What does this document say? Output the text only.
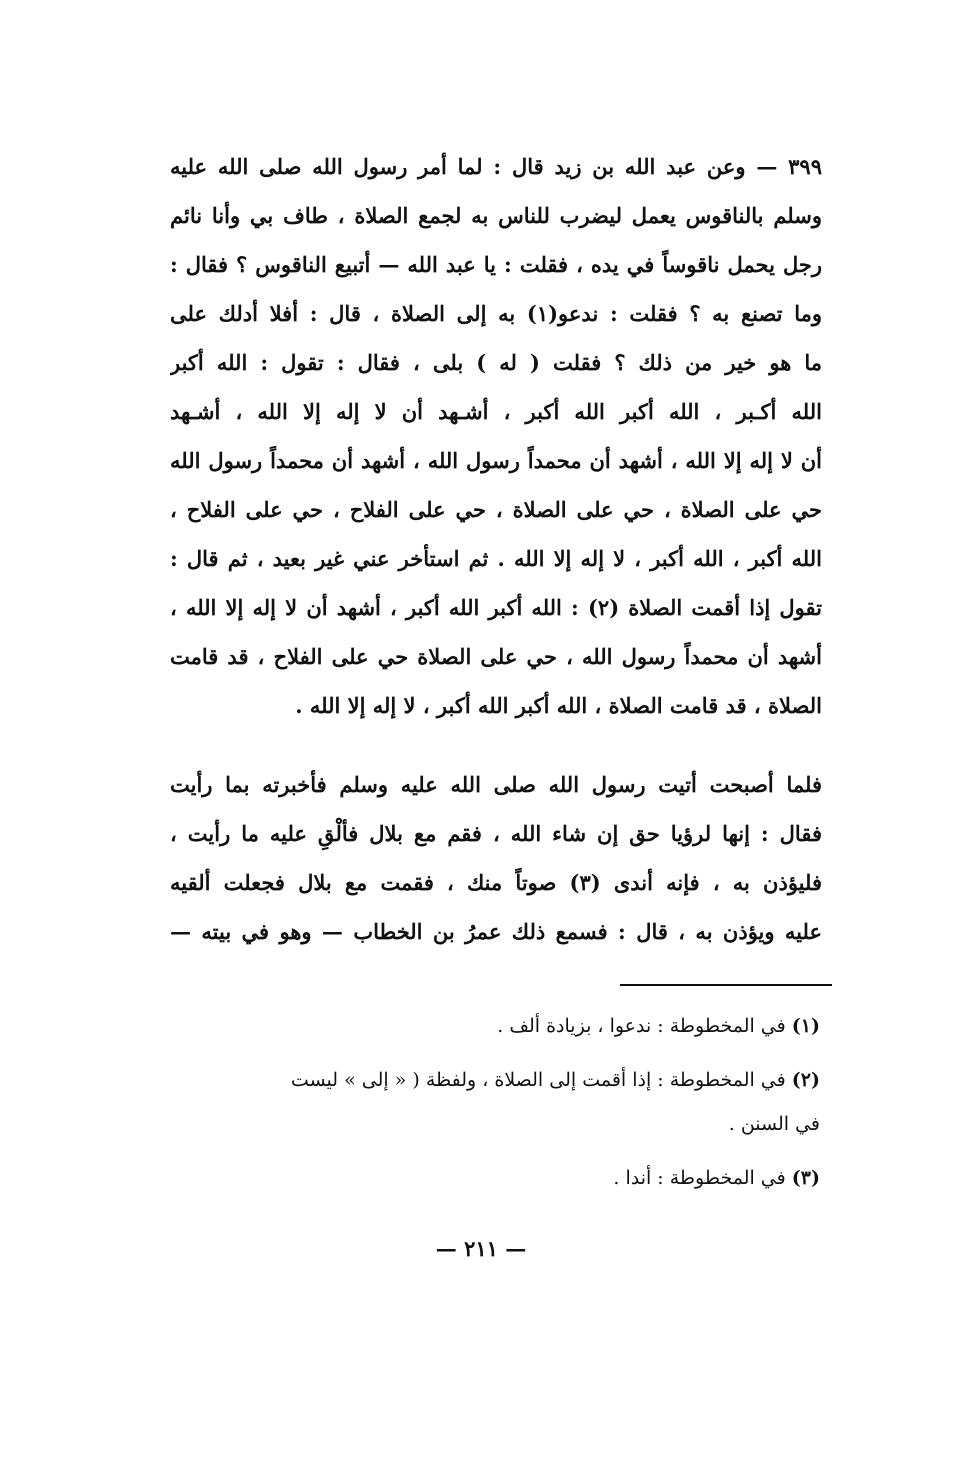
٣٩٩ — وعن عبد الله بن زيد قال : لما أمر رسول الله صلى الله عليه
وسلم بالناقوس يعمل ليضرب للناس به لجمع الصلاة ، طاف بي وأنا نائم
رجل يحمل ناقوساً في يده ، فقلت : يا عبد الله — أتبيع الناقوس ؟ فقال :
وما تصنع به ؟ فقلت : ندعو(١) به إلى الصلاة ، قال : أفلا أدلك على
ما هو خير من ذلك ؟ فقلت ( له ) بلى ، فقال : تقول : الله أكبر
الله أكـبر ، الله أكبر الله أكبر ، أشـهد أن لا إله إلا الله ، أشـهد
أن لا إله إلا الله ، أشهد أن محمداً رسول الله ، أشهد أن محمداً رسول الله
حي على الصلاة ، حي على الصلاة ، حي على الفلاح ، حي على الفلاح ،
الله أكبر ، الله أكبر ، لا إله إلا الله . ثم استأخر عني غير بعيد ، ثم قال :
تقول إذا أقمت الصلاة (٢) : الله أكبر الله أكبر ، أشهد أن لا إله إلا الله ،
أشهد أن محمداً رسول الله ، حي على الصلاة حي على الفلاح ، قد قامت
الصلاة ، قد قامت الصلاة ، الله أكبر الله أكبر ، لا إله إلا الله .
فلما أصبحت أتيت رسول الله صلى الله عليه وسلم فأخبرته بما رأيت
فقال : إنها لرؤيا حق إن شاء الله ، فقم مع بلال فألْقِ عليه ما رأيت ،
فليؤذن به ، فإنه أندى (٣) صوتاً منك ، فقمت مع بلال فجعلت ألقيه
عليه ويؤذن به ، قال : فسمع ذلك عمرُ بن الخطاب — وهو في بيته —
(١) في المخطوطة : ندعوا ، بزيادة ألف .
(٢) في المخطوطة : إذا أقمت إلى الصلاة ، ولفظة ( « إلى » ليست
في السنن .
(٣) في المخطوطة : أندا .
— ٢١١ —
